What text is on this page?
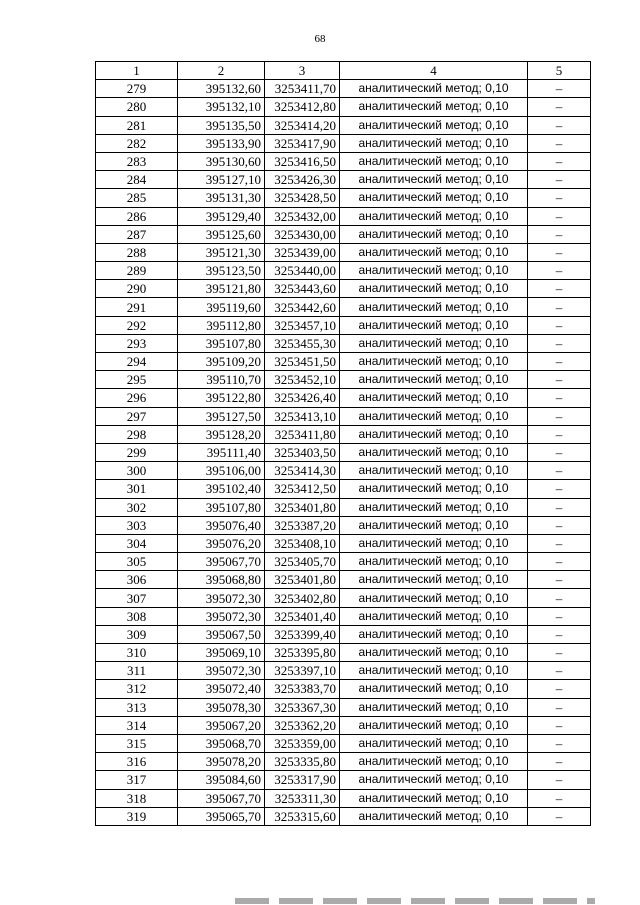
68
1	2	3	4	5
279	395132,60	3253411,70	аналитический метод; 0,10	–
280	395132,10	3253412,80	аналитический метод; 0,10	–
281	395135,50	3253414,20	аналитический метод; 0,10	–
282	395133,90	3253417,90	аналитический метод; 0,10	–
283	395130,60	3253416,50	аналитический метод; 0,10	–
284	395127,10	3253426,30	аналитический метод; 0,10	–
285	395131,30	3253428,50	аналитический метод; 0,10	–
286	395129,40	3253432,00	аналитический метод; 0,10	–
287	395125,60	3253430,00	аналитический метод; 0,10	–
288	395121,30	3253439,00	аналитический метод; 0,10	–
289	395123,50	3253440,00	аналитический метод; 0,10	–
290	395121,80	3253443,60	аналитический метод; 0,10	–
291	395119,60	3253442,60	аналитический метод; 0,10	–
292	395112,80	3253457,10	аналитический метод; 0,10	–
293	395107,80	3253455,30	аналитический метод; 0,10	–
294	395109,20	3253451,50	аналитический метод; 0,10	–
295	395110,70	3253452,10	аналитический метод; 0,10	–
296	395122,80	3253426,40	аналитический метод; 0,10	–
297	395127,50	3253413,10	аналитический метод; 0,10	–
298	395128,20	3253411,80	аналитический метод; 0,10	–
299	395111,40	3253403,50	аналитический метод; 0,10	–
300	395106,00	3253414,30	аналитический метод; 0,10	–
301	395102,40	3253412,50	аналитический метод; 0,10	–
302	395107,80	3253401,80	аналитический метод; 0,10	–
303	395076,40	3253387,20	аналитический метод; 0,10	–
304	395076,20	3253408,10	аналитический метод; 0,10	–
305	395067,70	3253405,70	аналитический метод; 0,10	–
306	395068,80	3253401,80	аналитический метод; 0,10	–
307	395072,30	3253402,80	аналитический метод; 0,10	–
308	395072,30	3253401,40	аналитический метод; 0,10	–
309	395067,50	3253399,40	аналитический метод; 0,10	–
310	395069,10	3253395,80	аналитический метод; 0,10	–
311	395072,30	3253397,10	аналитический метод; 0,10	–
312	395072,40	3253383,70	аналитический метод; 0,10	–
313	395078,30	3253367,30	аналитический метод; 0,10	–
314	395067,20	3253362,20	аналитический метод; 0,10	–
315	395068,70	3253359,00	аналитический метод; 0,10	–
316	395078,20	3253335,80	аналитический метод; 0,10	–
317	395084,60	3253317,90	аналитический метод; 0,10	–
318	395067,70	3253311,30	аналитический метод; 0,10	–
319	395065,70	3253315,60	аналитический метод; 0,10	–
